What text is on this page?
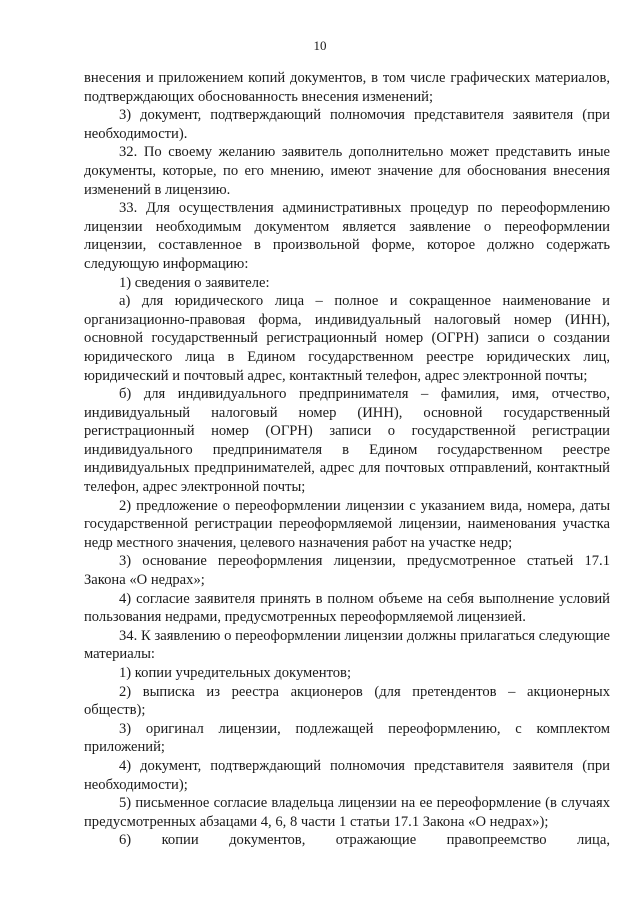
10

внесения и приложением копий документов, в том числе графических материалов, подтверждающих обоснованность внесения изменений;

3) документ, подтверждающий полномочия представителя заявителя (при необходимости).

32. По своему желанию заявитель дополнительно может представить иные документы, которые, по его мнению, имеют значение для обоснования внесения изменений в лицензию.

33. Для осуществления административных процедур по переоформлению лицензии необходимым документом является заявление о переоформлении лицензии, составленное в произвольной форме, которое должно содержать следующую информацию:

1) сведения о заявителе:

а) для юридического лица – полное и сокращенное наименование и организационно-правовая форма, индивидуальный налоговый номер (ИНН), основной государственный регистрационный номер (ОГРН) записи о создании юридического лица в Едином государственном реестре юридических лиц, юридический и почтовый адрес, контактный телефон, адрес электронной почты;

б) для индивидуального предпринимателя – фамилия, имя, отчество, индивидуальный налоговый номер (ИНН), основной государственный регистрационный номер (ОГРН) записи о государственной регистрации индивидуального предпринимателя в Едином государственном реестре индивидуальных предпринимателей, адрес для почтовых отправлений, контактный телефон, адрес электронной почты;

2) предложение о переоформлении лицензии с указанием вида, номера, даты государственной регистрации переоформляемой лицензии, наименования участка недр местного значения, целевого назначения работ на участке недр;

3) основание переоформления лицензии, предусмотренное статьей 17.1 Закона «О недрах»;

4) согласие заявителя принять в полном объеме на себя выполнение условий пользования недрами, предусмотренных переоформляемой лицензией.

34. К заявлению о переоформлении лицензии должны прилагаться следующие материалы:

1) копии учредительных документов;

2) выписка из реестра акционеров (для претендентов – акционерных обществ);

3) оригинал лицензии, подлежащей переоформлению, с комплектом приложений;

4) документ, подтверждающий полномочия представителя заявителя (при необходимости);

5) письменное согласие владельца лицензии на ее переоформление (в случаях предусмотренных абзацами 4, 6, 8 части 1 статьи 17.1 Закона «О недрах»);

6) копии документов, отражающие правопреемство лица,
